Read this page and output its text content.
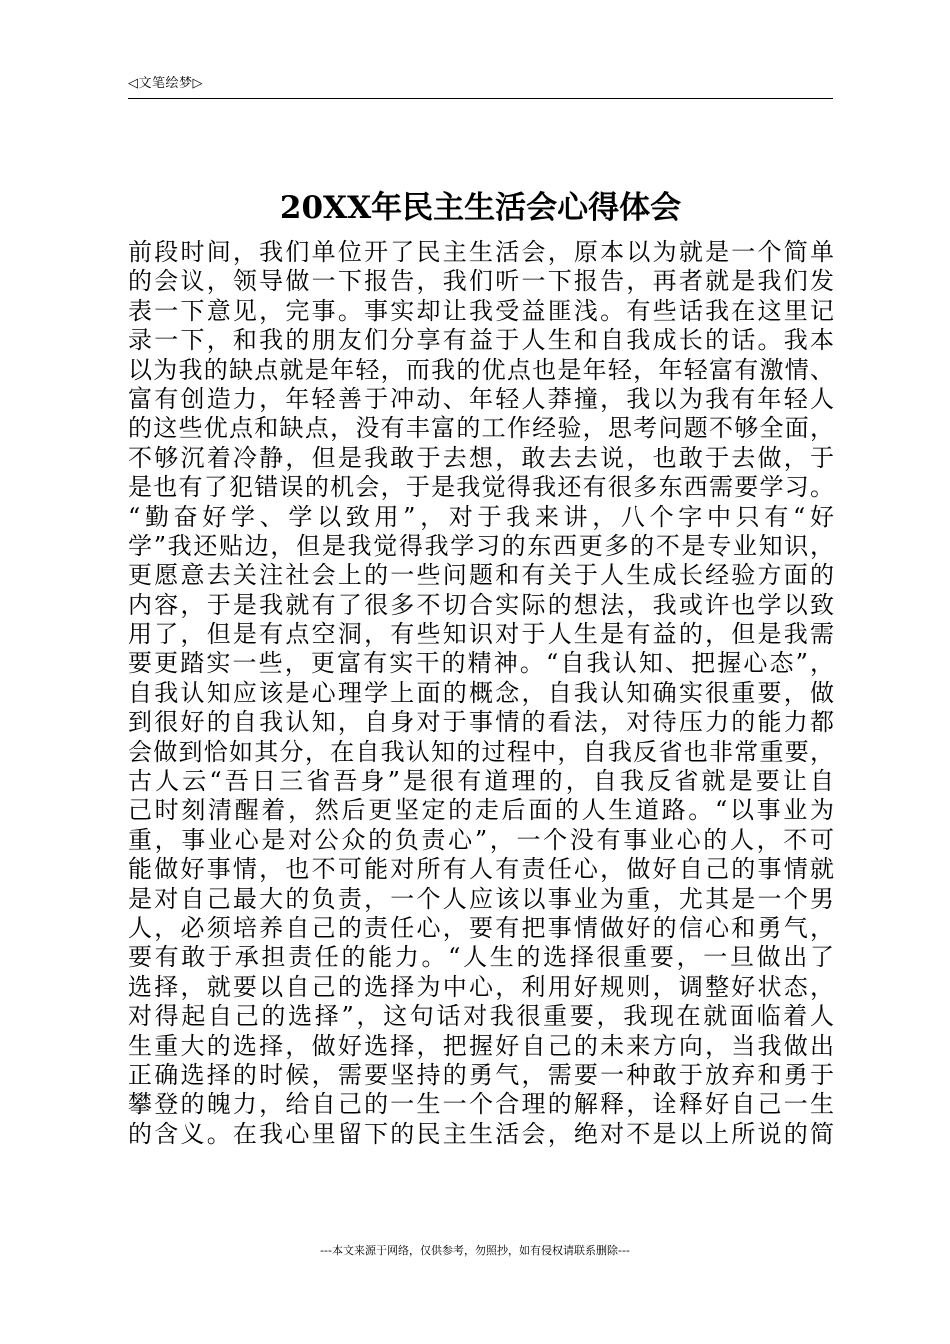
◁文笔绘梦▷
20XX年民主生活会心得体会
前段时间，我们单位开了民主生活会，原本以为就是一个简单
的会议，领导做一下报告，我们听一下报告，再者就是我们发
表一下意见，完事。事实却让我受益匪浅。有些话我在这里记
录一下，和我的朋友们分享有益于人生和自我成长的话。我本
以为我的缺点就是年轻，而我的优点也是年轻，年轻富有激情、
富有创造力，年轻善于冲动、年轻人莽撞，我以为我有年轻人
的这些优点和缺点，没有丰富的工作经验，思考问题不够全面，
不够沉着冷静，但是我敢于去想，敢去去说，也敢于去做，于
是也有了犯错误的机会，于是我觉得我还有很多东西需要学习。
“勤奋好学、学以致用”，对于我来讲，八个字中只有“好
学”我还贴边，但是我觉得我学习的东西更多的不是专业知识，
更愿意去关注社会上的一些问题和有关于人生成长经验方面的
内容，于是我就有了很多不切合实际的想法，我或许也学以致
用了，但是有点空洞，有些知识对于人生是有益的，但是我需
要更踏实一些，更富有实干的精神。“自我认知、把握心态”，
自我认知应该是心理学上面的概念，自我认知确实很重要，做
到很好的自我认知，自身对于事情的看法，对待压力的能力都
会做到恰如其分，在自我认知的过程中，自我反省也非常重要，
古人云“吾日三省吾身”是很有道理的，自我反省就是要让自
己时刻清醒着，然后更坚定的走后面的人生道路。“以事业为
重，事业心是对公众的负责心”，一个没有事业心的人，不可
能做好事情，也不可能对所有人有责任心，做好自己的事情就
是对自己最大的负责，一个人应该以事业为重，尤其是一个男
人，必须培养自己的责任心，要有把事情做好的信心和勇气，
要有敢于承担责任的能力。“人生的选择很重要，一旦做出了
选择，就要以自己的选择为中心，利用好规则，调整好状态，
对得起自己的选择”，这句话对我很重要，我现在就面临着人
生重大的选择，做好选择，把握好自己的未来方向，当我做出
正确选择的时候，需要坚持的勇气，需要一种敢于放弃和勇于
攀登的魄力，给自己的一生一个合理的解释，诠释好自己一生
的含义。在我心里留下的民主生活会，绝对不是以上所说的简
---本文来源于网络，仅供参考，勿照抄，如有侵权请联系删除---
